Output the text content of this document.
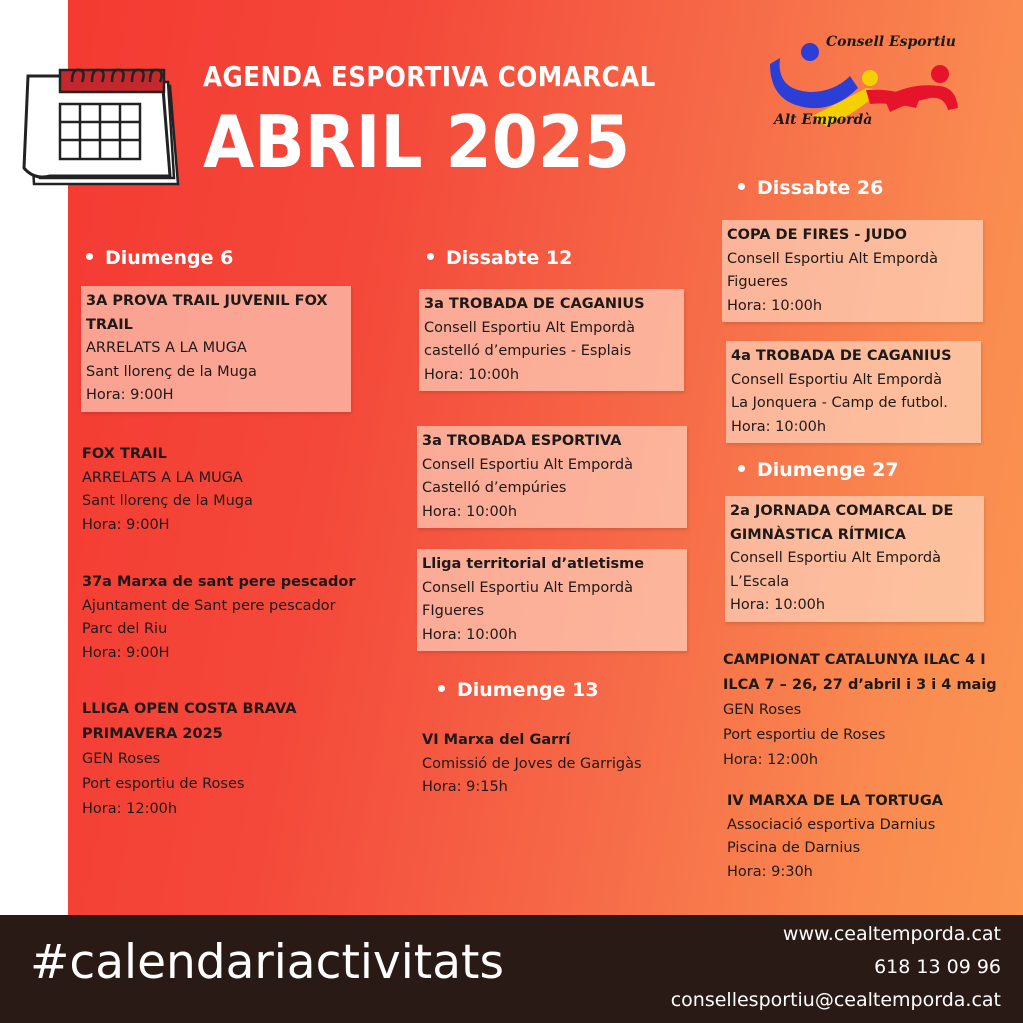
AGENDA ESPORTIVA COMARCAL
ABRIL 2025
Consell Esportiu
Alt Empordà
Diumenge 6
3A PROVA TRAIL JUVENIL FOX TRAIL
ARRELATS A LA MUGA
Sant llorenç de la Muga
Hora: 9:00H
FOX TRAIL
ARRELATS A LA MUGA
Sant llorenç de la Muga
Hora: 9:00H
37a Marxa de sant pere pescador
Ajuntament de Sant pere pescador
Parc del Riu
Hora: 9:00H
LLIGA OPEN COSTA BRAVA PRIMAVERA 2025
GEN Roses
Port esportiu de Roses
Hora: 12:00h
Dissabte 12
3a TROBADA DE CAGANIUS
Consell Esportiu Alt Empordà
castelló d’empuries - Esplais
Hora: 10:00h
3a TROBADA ESPORTIVA
Consell Esportiu Alt Empordà
Castelló d’empúries
Hora: 10:00h
Lliga territorial d’atletisme
Consell Esportiu Alt Empordà
FIgueres
Hora: 10:00h
Diumenge 13
VI Marxa del Garrí
Comissió de Joves de Garrigàs
Hora: 9:15h
Dissabte 26
COPA DE FIRES - JUDO
Consell Esportiu Alt Empordà
Figueres
Hora: 10:00h
4a TROBADA DE CAGANIUS
Consell Esportiu Alt Empordà
La Jonquera - Camp de futbol.
Hora: 10:00h
Diumenge 27
2a JORNADA COMARCAL DE GIMNÀSTICA RÍTMICA
Consell Esportiu Alt Empordà
L’Escala
Hora: 10:00h
CAMPIONAT CATALUNYA ILAC 4 I ILCA 7 – 26, 27 d’abril i 3 i 4 maig
GEN Roses
Port esportiu de Roses
Hora: 12:00h
IV MARXA DE LA TORTUGA
Associació esportiva Darnius
Piscina de Darnius
Hora: 9:30h
#calendariactivitats
www.cealtemporda.cat
618 13 09 96
consellesportiu@cealtemporda.cat
